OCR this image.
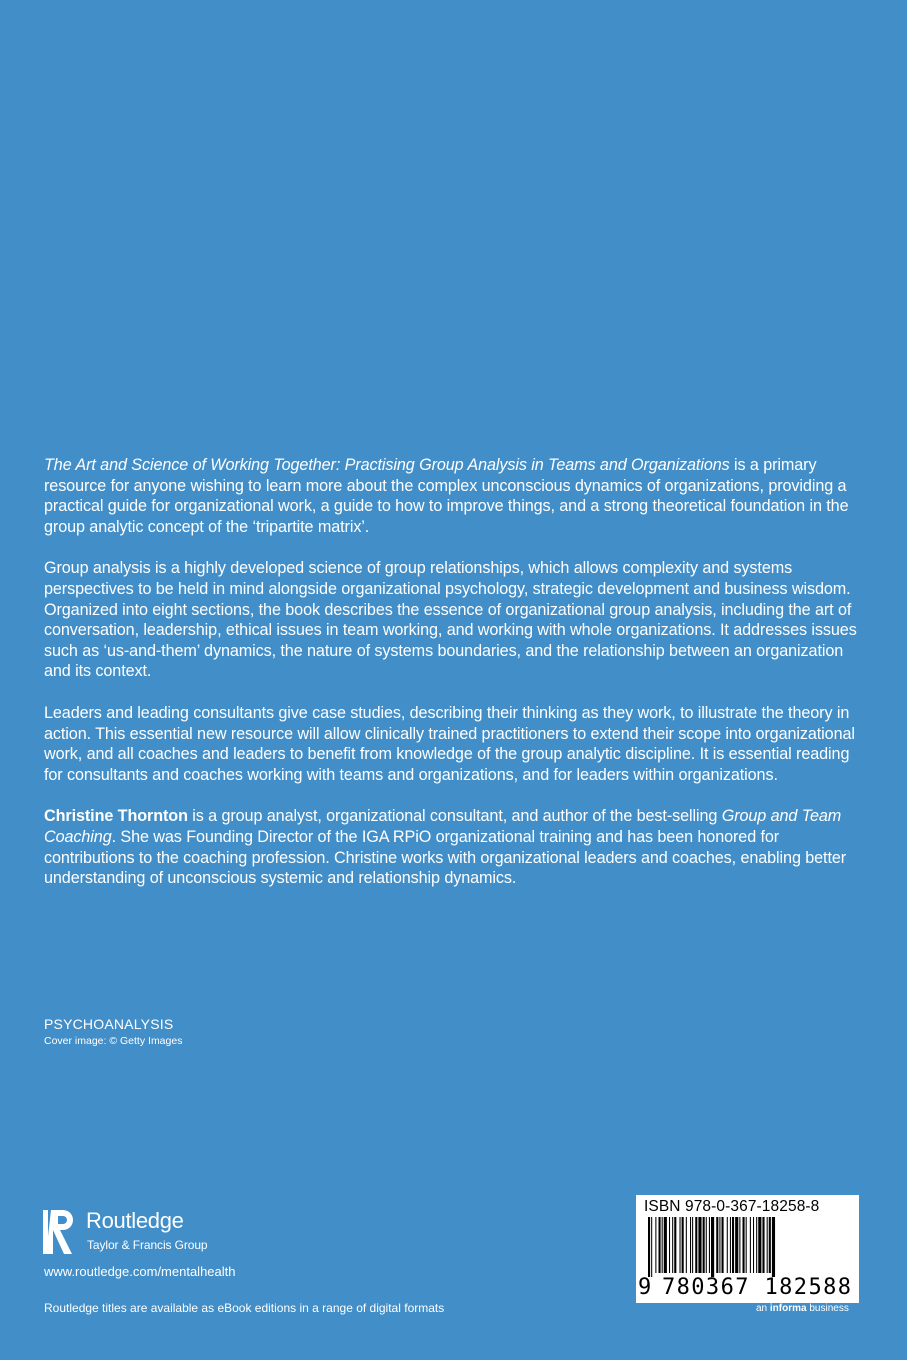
The Art and Science of Working Together: Practising Group Analysis in Teams and Organizations is a primary resource for anyone wishing to learn more about the complex unconscious dynamics of organizations, providing a practical guide for organizational work, a guide to how to improve things, and a strong theoretical foundation in the group analytic concept of the ‘tripartite matrix’.

Group analysis is a highly developed science of group relationships, which allows complexity and systems perspectives to be held in mind alongside organizational psychology, strategic development and business wisdom. Organized into eight sections, the book describes the essence of organizational group analysis, including the art of conversation, leadership, ethical issues in team working, and working with whole organizations. It addresses issues such as ‘us-and-them’ dynamics, the nature of systems boundaries, and the relationship between an organization and its context.

Leaders and leading consultants give case studies, describing their thinking as they work, to illustrate the theory in action. This essential new resource will allow clinically trained practitioners to extend their scope into organizational work, and all coaches and leaders to benefit from knowledge of the group analytic discipline. It is essential reading for consultants and coaches working with teams and organizations, and for leaders within organizations.

Christine Thornton is a group analyst, organizational consultant, and author of the best-selling Group and Team Coaching. She was Founding Director of the IGA RPiO organizational training and has been honored for contributions to the coaching profession. Christine works with organizational leaders and coaches, enabling better understanding of unconscious systemic and relationship dynamics.

PSYCHOANALYSIS
Cover image: © Getty Images
Routledge
Taylor & Francis Group
www.routledge.com/mentalhealth
Routledge titles are available as eBook editions in a range of digital formats
ISBN 978-0-367-18258-8
9 780367 182588
an informa business
